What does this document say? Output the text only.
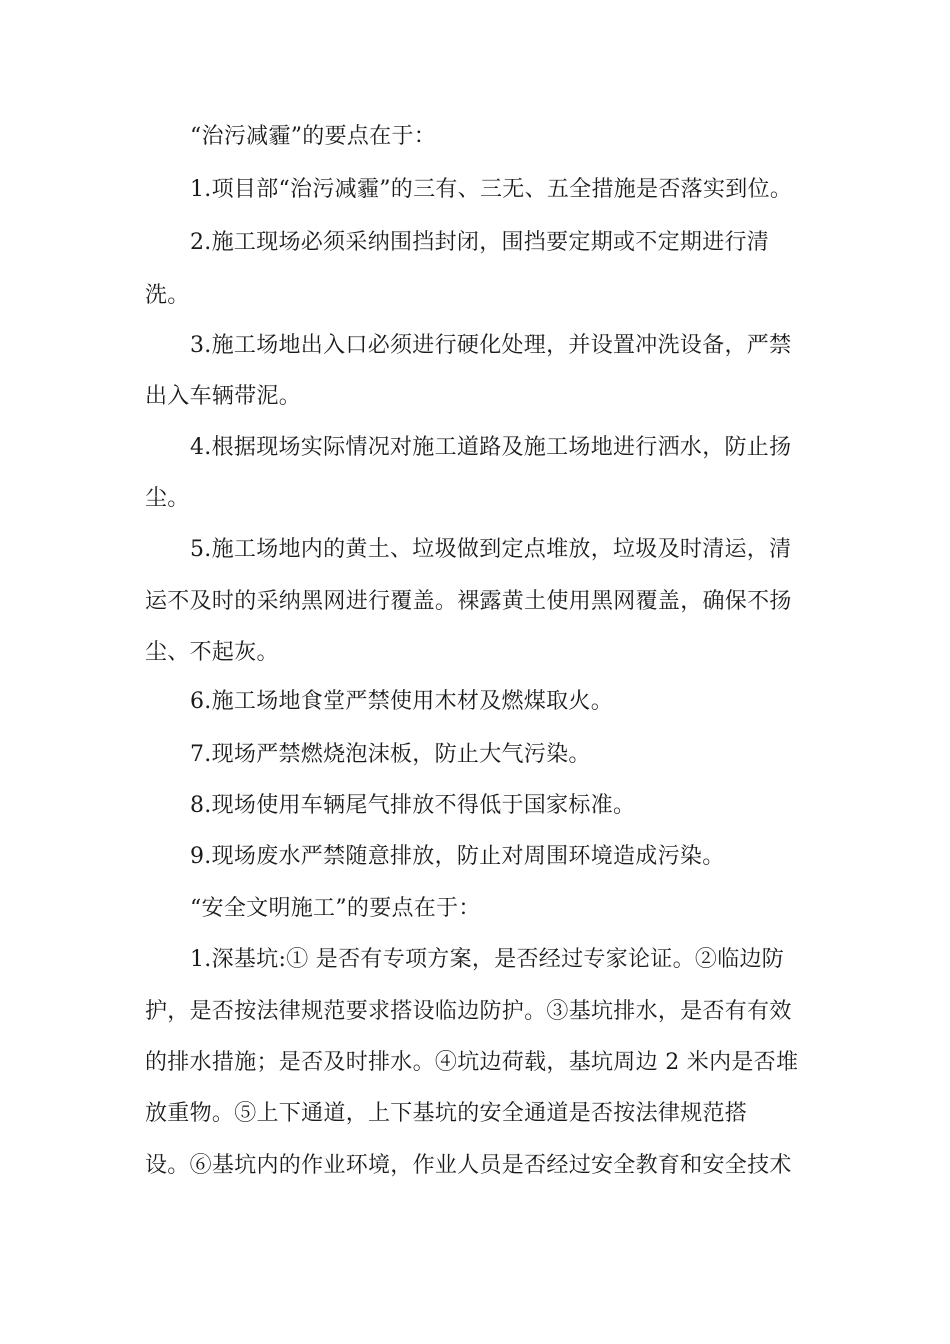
“治污减霾”的要点在于：
1.项目部“治污减霾”的三有、三无、五全措施是否落实到位。
2.施工现场必须采纳围挡封闭，围挡要定期或不定期进行清
洗。
3.施工场地出入口必须进行硬化处理，并设置冲洗设备，严禁
出入车辆带泥。
4.根据现场实际情况对施工道路及施工场地进行洒水，防止扬
尘。
5.施工场地内的黄土、垃圾做到定点堆放，垃圾及时清运，清
运不及时的采纳黑网进行覆盖。裸露黄土使用黑网覆盖，确保不扬
尘、不起灰。
6.施工场地食堂严禁使用木材及燃煤取火。
7.现场严禁燃烧泡沫板，防止大气污染。
8.现场使用车辆尾气排放不得低于国家标准。
9.现场废水严禁随意排放，防止对周围环境造成污染。
“安全文明施工”的要点在于：
1.深基坑:① 是否有专项方案，是否经过专家论证。②临边防
护，是否按法律规范要求搭设临边防护。③基坑排水，是否有有效
的排水措施；是否及时排水。④坑边荷载，基坑周边 2 米内是否堆
放重物。⑤上下通道，上下基坑的安全通道是否按法律规范搭
设。⑥基坑内的作业环境，作业人员是否经过安全教育和安全技术
